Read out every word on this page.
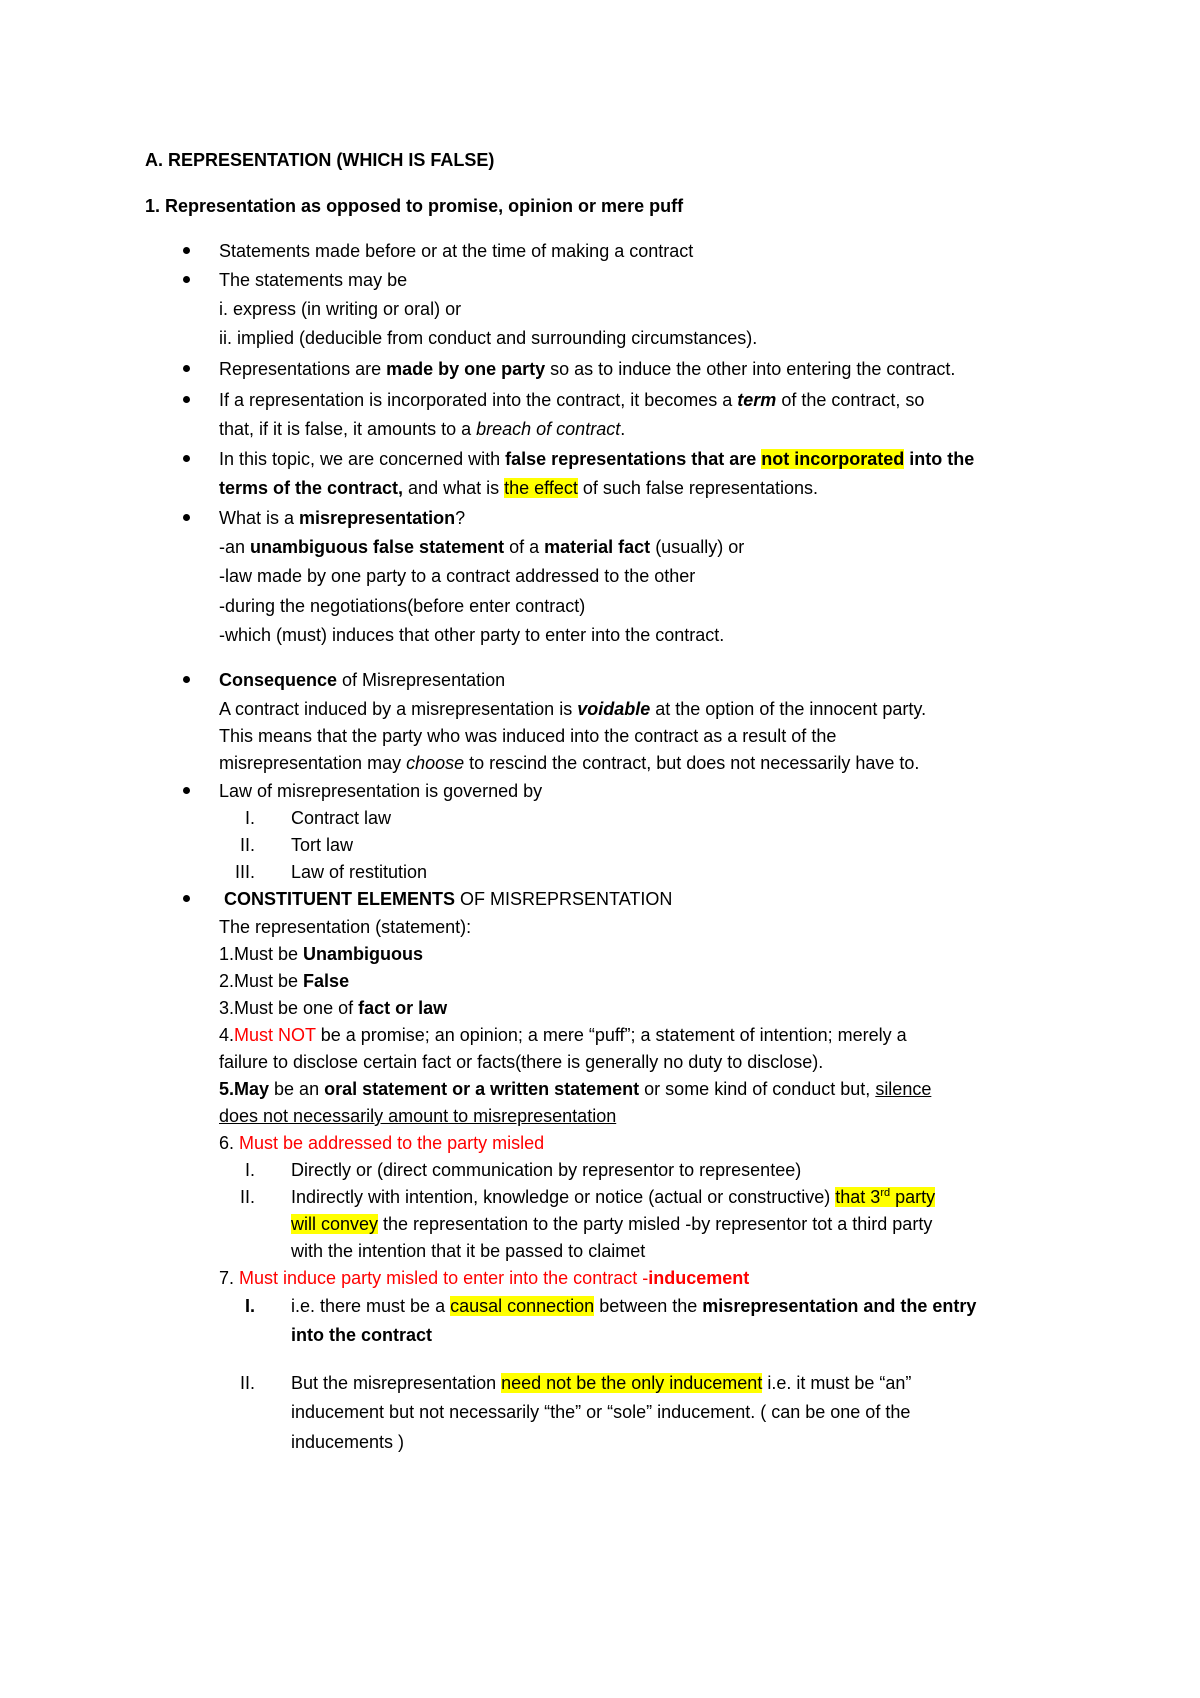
A. REPRESENTATION (WHICH IS FALSE)
1. Representation as opposed to promise, opinion or mere puff
Statements made before or at the time of making a contract
The statements may be
i. express (in writing or oral) or
ii. implied (deducible from conduct and surrounding circumstances).
Representations are made by one party so as to induce the other into entering the contract.
If a representation is incorporated into the contract, it becomes a term of the contract, so
that, if it is false, it amounts to a breach of contract.
In this topic, we are concerned with false representations that are not incorporated into the
terms of the contract, and what is the effect of such false representations.
What is a misrepresentation?
-an unambiguous false statement of a material fact (usually) or
-law made by one party to a contract addressed to the other
-during the negotiations(before enter contract)
-which (must) induces that other party to enter into the contract.
Consequence of Misrepresentation
A contract induced by a misrepresentation is voidable at the option of the innocent party.
This means that the party who was induced into the contract as a result of the
misrepresentation may choose to rescind the contract, but does not necessarily have to.
Law of misrepresentation is governed by
I. Contract law
II. Tort law
III. Law of restitution
CONSTITUENT ELEMENTS OF MISREPRSENTATION
The representation (statement):
1.Must be Unambiguous
2.Must be False
3.Must be one of fact or law
4.Must NOT be a promise; an opinion; a mere “puff”; a statement of intention; merely a
failure to disclose certain fact or facts(there is generally no duty to disclose).
5.May be an oral statement or a written statement or some kind of conduct but, silence
does not necessarily amount to misrepresentation
6. Must be addressed to the party misled
I. Directly or (direct communication by representor to representee)
II. Indirectly with intention, knowledge or notice (actual or constructive) that 3rd party
will convey the representation to the party misled -by representor tot a third party
with the intention that it be passed to claimet
7. Must induce party misled to enter into the contract -inducement
I. i.e. there must be a causal connection between the misrepresentation and the entry
into the contract
II. But the misrepresentation need not be the only inducement i.e. it must be “an”
inducement but not necessarily “the” or “sole” inducement. ( can be one of the
inducements )
